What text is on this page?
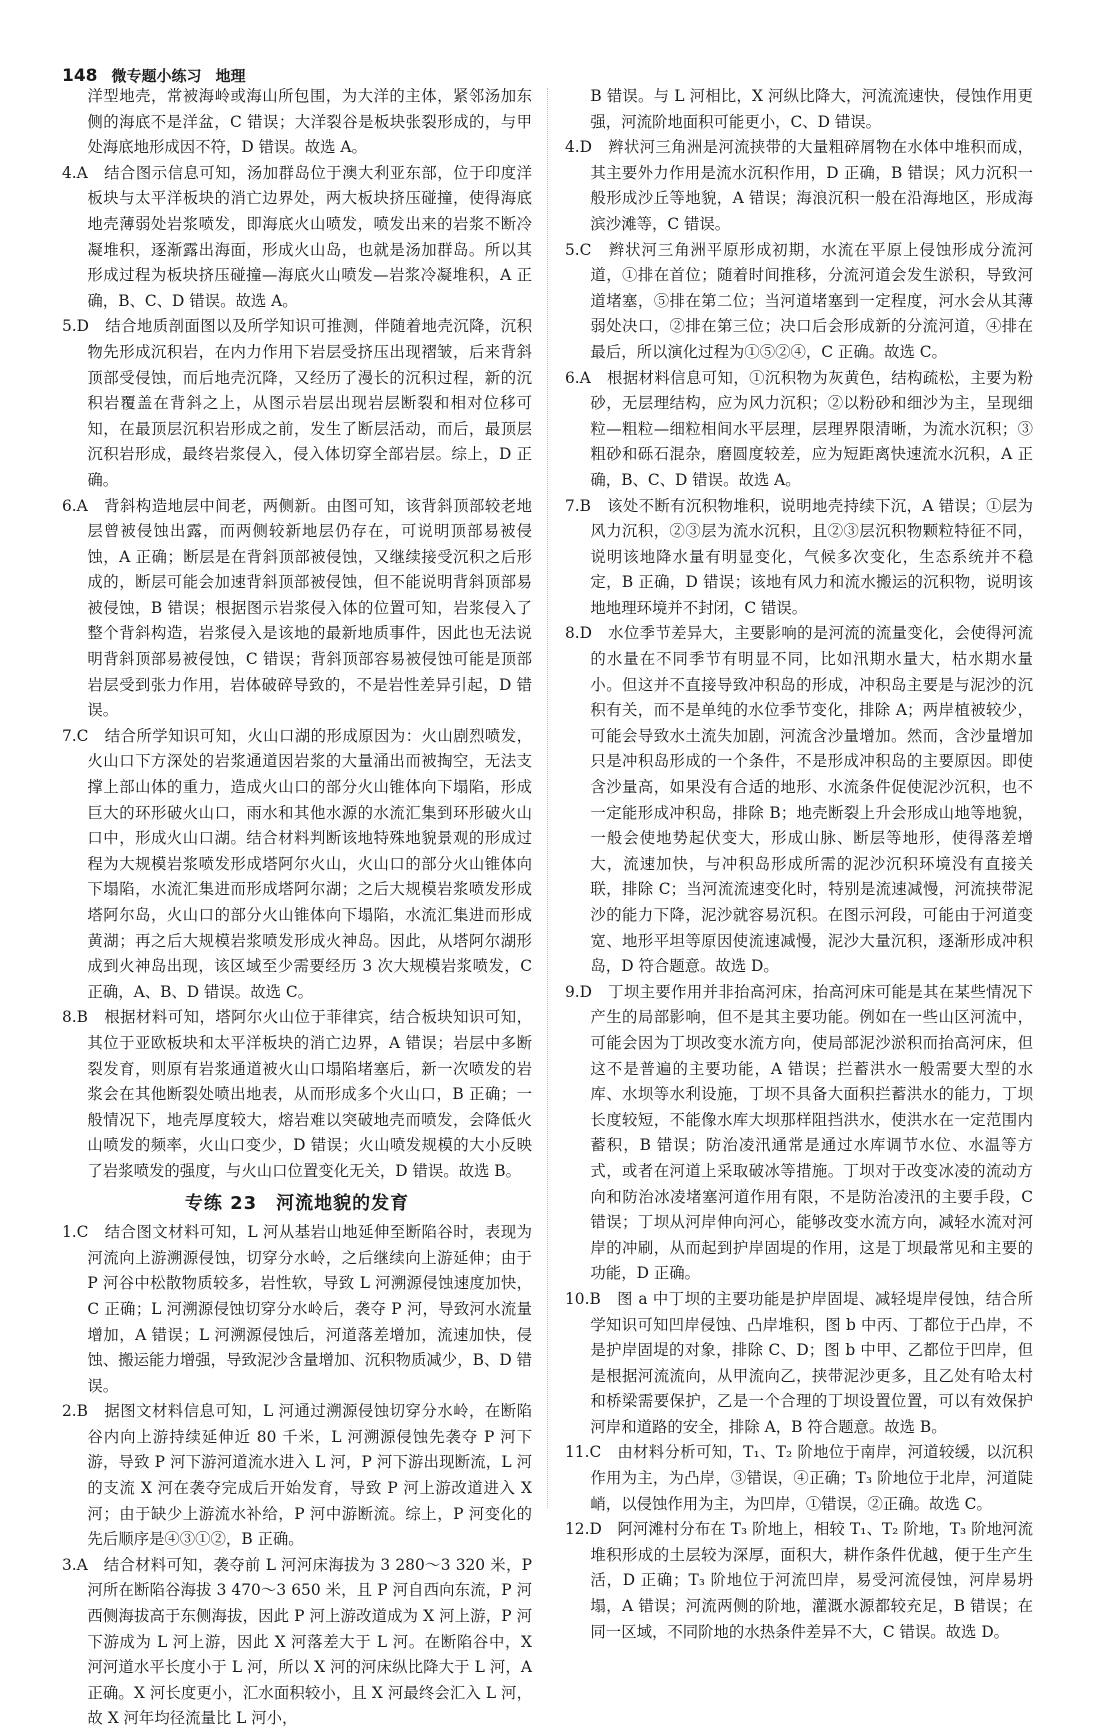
148 微专题小练习 地理

洋型地壳，常被海岭或海山所包围，为大洋的主体，紧邻汤加东侧的海底不是洋盆，C 错误；大洋裂谷是板块张裂形成的，与甲处海底地形成因不符，D 错误。故选 A。

4.A　结合图示信息可知，汤加群岛位于澳大利亚东部，位于印度洋板块与太平洋板块的消亡边界处，两大板块挤压碰撞，使得海底地壳薄弱处岩浆喷发，即海底火山喷发，喷发出来的岩浆不断冷凝堆积，逐渐露出海面，形成火山岛，也就是汤加群岛。所以其形成过程为板块挤压碰撞—海底火山喷发—岩浆冷凝堆积，A 正确，B、C、D 错误。故选 A。

5.D　结合地质剖面图以及所学知识可推测，伴随着地壳沉降，沉积物先形成沉积岩，在内力作用下岩层受挤压出现褶皱，后来背斜顶部受侵蚀，而后地壳沉降，又经历了漫长的沉积过程，新的沉积岩覆盖在背斜之上，从图示岩层出现岩层断裂和相对位移可知，在最顶层沉积岩形成之前，发生了断层活动，而后，最顶层沉积岩形成，最终岩浆侵入，侵入体切穿全部岩层。综上，D 正确。

6.A　背斜构造地层中间老，两侧新。由图可知，该背斜顶部较老地层曾被侵蚀出露，而两侧较新地层仍存在，可说明顶部易被侵蚀，A 正确；断层是在背斜顶部被侵蚀，又继续接受沉积之后形成的，断层可能会加速背斜顶部被侵蚀，但不能说明背斜顶部易被侵蚀，B 错误；根据图示岩浆侵入体的位置可知，岩浆侵入了整个背斜构造，岩浆侵入是该地的最新地质事件，因此也无法说明背斜顶部易被侵蚀，C 错误；背斜顶部容易被侵蚀可能是顶部岩层受到张力作用，岩体破碎导致的，不是岩性差异引起，D 错误。

7.C　结合所学知识可知，火山口湖的形成原因为：火山剧烈喷发，火山口下方深处的岩浆通道因岩浆的大量涌出而被掏空，无法支撑上部山体的重力，造成火山口的部分火山锥体向下塌陷，形成巨大的环形破火山口，雨水和其他水源的水流汇集到环形破火山口中，形成火山口湖。结合材料判断该地特殊地貌景观的形成过程为大规模岩浆喷发形成塔阿尔火山，火山口的部分火山锥体向下塌陷，水流汇集进而形成塔阿尔湖；之后大规模岩浆喷发形成塔阿尔岛，火山口的部分火山锥体向下塌陷，水流汇集进而形成黄湖；再之后大规模岩浆喷发形成火神岛。因此，从塔阿尔湖形成到火神岛出现，该区域至少需要经历 3 次大规模岩浆喷发，C 正确，A、B、D 错误。故选 C。

8.B　根据材料可知，塔阿尔火山位于菲律宾，结合板块知识可知，其位于亚欧板块和太平洋板块的消亡边界，A 错误；岩层中多断裂发育，则原有岩浆通道被火山口塌陷堵塞后，新一次喷发的岩浆会在其他断裂处喷出地表，从而形成多个火山口，B 正确；一般情况下，地壳厚度较大，熔岩难以突破地壳而喷发，会降低火山喷发的频率，火山口变少，D 错误；火山喷发规模的大小反映了岩浆喷发的强度，与火山口位置变化无关，D 错误。故选 B。

专练 23　河流地貌的发育

1.C　结合图文材料可知，L 河从基岩山地延伸至断陷谷时，表现为河流向上游溯源侵蚀，切穿分水岭，之后继续向上游延伸；由于 P 河谷中松散物质较多，岩性软，导致 L 河溯源侵蚀速度加快，C 正确；L 河溯源侵蚀切穿分水岭后，袭夺 P 河，导致河水流量增加，A 错误；L 河溯源侵蚀后，河道落差增加，流速加快，侵蚀、搬运能力增强，导致泥沙含量增加、沉积物质减少，B、D 错误。

2.B　据图文材料信息可知，L 河通过溯源侵蚀切穿分水岭，在断陷谷内向上游持续延伸近 80 千米，L 河溯源侵蚀先袭夺 P 河下游，导致 P 河下游河道流水进入 L 河，P 河下游出现断流，L 河的支流 X 河在袭夺完成后开始发育，导致 P 河上游改道进入 X 河；由于缺少上游流水补给，P 河中游断流。综上，P 河变化的先后顺序是④③①②，B 正确。

3.A　结合材料可知，袭夺前 L 河河床海拔为 3 280～3 320 米，P 河所在断陷谷海拔 3 470～3 650 米，且 P 河自西向东流，P 河西侧海拔高于东侧海拔，因此 P 河上游改道成为 X 河上游，P 河下游成为 L 河上游，因此 X 河落差大于 L 河。在断陷谷中，X 河河道水平长度小于 L 河，所以 X 河的河床纵比降大于 L 河，A 正确。X 河长度更小，汇水面积较小，且 X 河最终会汇入 L 河，故 X 河年均径流量比 L 河小，

B 错误。与 L 河相比，X 河纵比降大，河流流速快，侵蚀作用更强，河流阶地面积可能更小，C、D 错误。

4.D　辫状河三角洲是河流挟带的大量粗碎屑物在水体中堆积而成，其主要外力作用是流水沉积作用，D 正确，B 错误；风力沉积一般形成沙丘等地貌，A 错误；海浪沉积一般在沿海地区，形成海滨沙滩等，C 错误。

5.C　辫状河三角洲平原形成初期，水流在平原上侵蚀形成分流河道，①排在首位；随着时间推移，分流河道会发生淤积，导致河道堵塞，⑤排在第二位；当河道堵塞到一定程度，河水会从其薄弱处决口，②排在第三位；决口后会形成新的分流河道，④排在最后，所以演化过程为①⑤②④，C 正确。故选 C。

6.A　根据材料信息可知，①沉积物为灰黄色，结构疏松，主要为粉砂，无层理结构，应为风力沉积；②以粉砂和细沙为主，呈现细粒—粗粒—细粒相间水平层理，层理界限清晰，为流水沉积；③粗砂和砾石混杂，磨圆度较差，应为短距离快速流水沉积，A 正确，B、C、D 错误。故选 A。

7.B　该处不断有沉积物堆积，说明地壳持续下沉，A 错误；①层为风力沉积，②③层为流水沉积，且②③层沉积物颗粒特征不同，说明该地降水量有明显变化，气候多次变化，生态系统并不稳定，B 正确，D 错误；该地有风力和流水搬运的沉积物，说明该地地理环境并不封闭，C 错误。

8.D　水位季节差异大，主要影响的是河流的流量变化，会使得河流的水量在不同季节有明显不同，比如汛期水量大，枯水期水量小。但这并不直接导致冲积岛的形成，冲积岛主要是与泥沙的沉积有关，而不是单纯的水位季节变化，排除 A；两岸植被较少，可能会导致水土流失加剧，河流含沙量增加。然而，含沙量增加只是冲积岛形成的一个条件，不是形成冲积岛的主要原因。即使含沙量高，如果没有合适的地形、水流条件促使泥沙沉积，也不一定能形成冲积岛，排除 B；地壳断裂上升会形成山地等地貌，一般会使地势起伏变大，形成山脉、断层等地形，使得落差增大，流速加快，与冲积岛形成所需的泥沙沉积环境没有直接关联，排除 C；当河流流速变化时，特别是流速减慢，河流挟带泥沙的能力下降，泥沙就容易沉积。在图示河段，可能由于河道变宽、地形平坦等原因使流速减慢，泥沙大量沉积，逐渐形成冲积岛，D 符合题意。故选 D。

9.D　丁坝主要作用并非抬高河床，抬高河床可能是其在某些情况下产生的局部影响，但不是其主要功能。例如在一些山区河流中，可能会因为丁坝改变水流方向，使局部泥沙淤积而抬高河床，但这不是普遍的主要功能，A 错误；拦蓄洪水一般需要大型的水库、水坝等水利设施，丁坝不具备大面积拦蓄洪水的能力，丁坝长度较短，不能像水库大坝那样阻挡洪水，使洪水在一定范围内蓄积，B 错误；防治凌汛通常是通过水库调节水位、水温等方式，或者在河道上采取破冰等措施。丁坝对于改变冰凌的流动方向和防治冰凌堵塞河道作用有限，不是防治凌汛的主要手段，C 错误；丁坝从河岸伸向河心，能够改变水流方向，减轻水流对河岸的冲刷，从而起到护岸固堤的作用，这是丁坝最常见和主要的功能，D 正确。

10.B　图 a 中丁坝的主要功能是护岸固堤、减轻堤岸侵蚀，结合所学知识可知凹岸侵蚀、凸岸堆积，图 b 中丙、丁都位于凸岸，不是护岸固堤的对象，排除 C、D；图 b 中甲、乙都位于凹岸，但是根据河流流向，从甲流向乙，挟带泥沙更多，且乙处有哈太村和桥梁需要保护，乙是一个合理的丁坝设置位置，可以有效保护河岸和道路的安全，排除 A，B 符合题意。故选 B。

11.C　由材料分析可知，T₁、T₂ 阶地位于南岸，河道较缓，以沉积作用为主，为凸岸，③错误，④正确；T₃ 阶地位于北岸，河道陡峭，以侵蚀作用为主，为凹岸，①错误，②正确。故选 C。

12.D　阿河滩村分布在 T₃ 阶地上，相较 T₁、T₂ 阶地，T₃ 阶地河流堆积形成的土层较为深厚，面积大，耕作条件优越，便于生产生活，D 正确；T₃ 阶地位于河流凹岸，易受河流侵蚀，河岸易坍塌，A 错误；河流两侧的阶地，灌溉水源都较充足，B 错误；在同一区域，不同阶地的水热条件差异不大，C 错误。故选 D。
